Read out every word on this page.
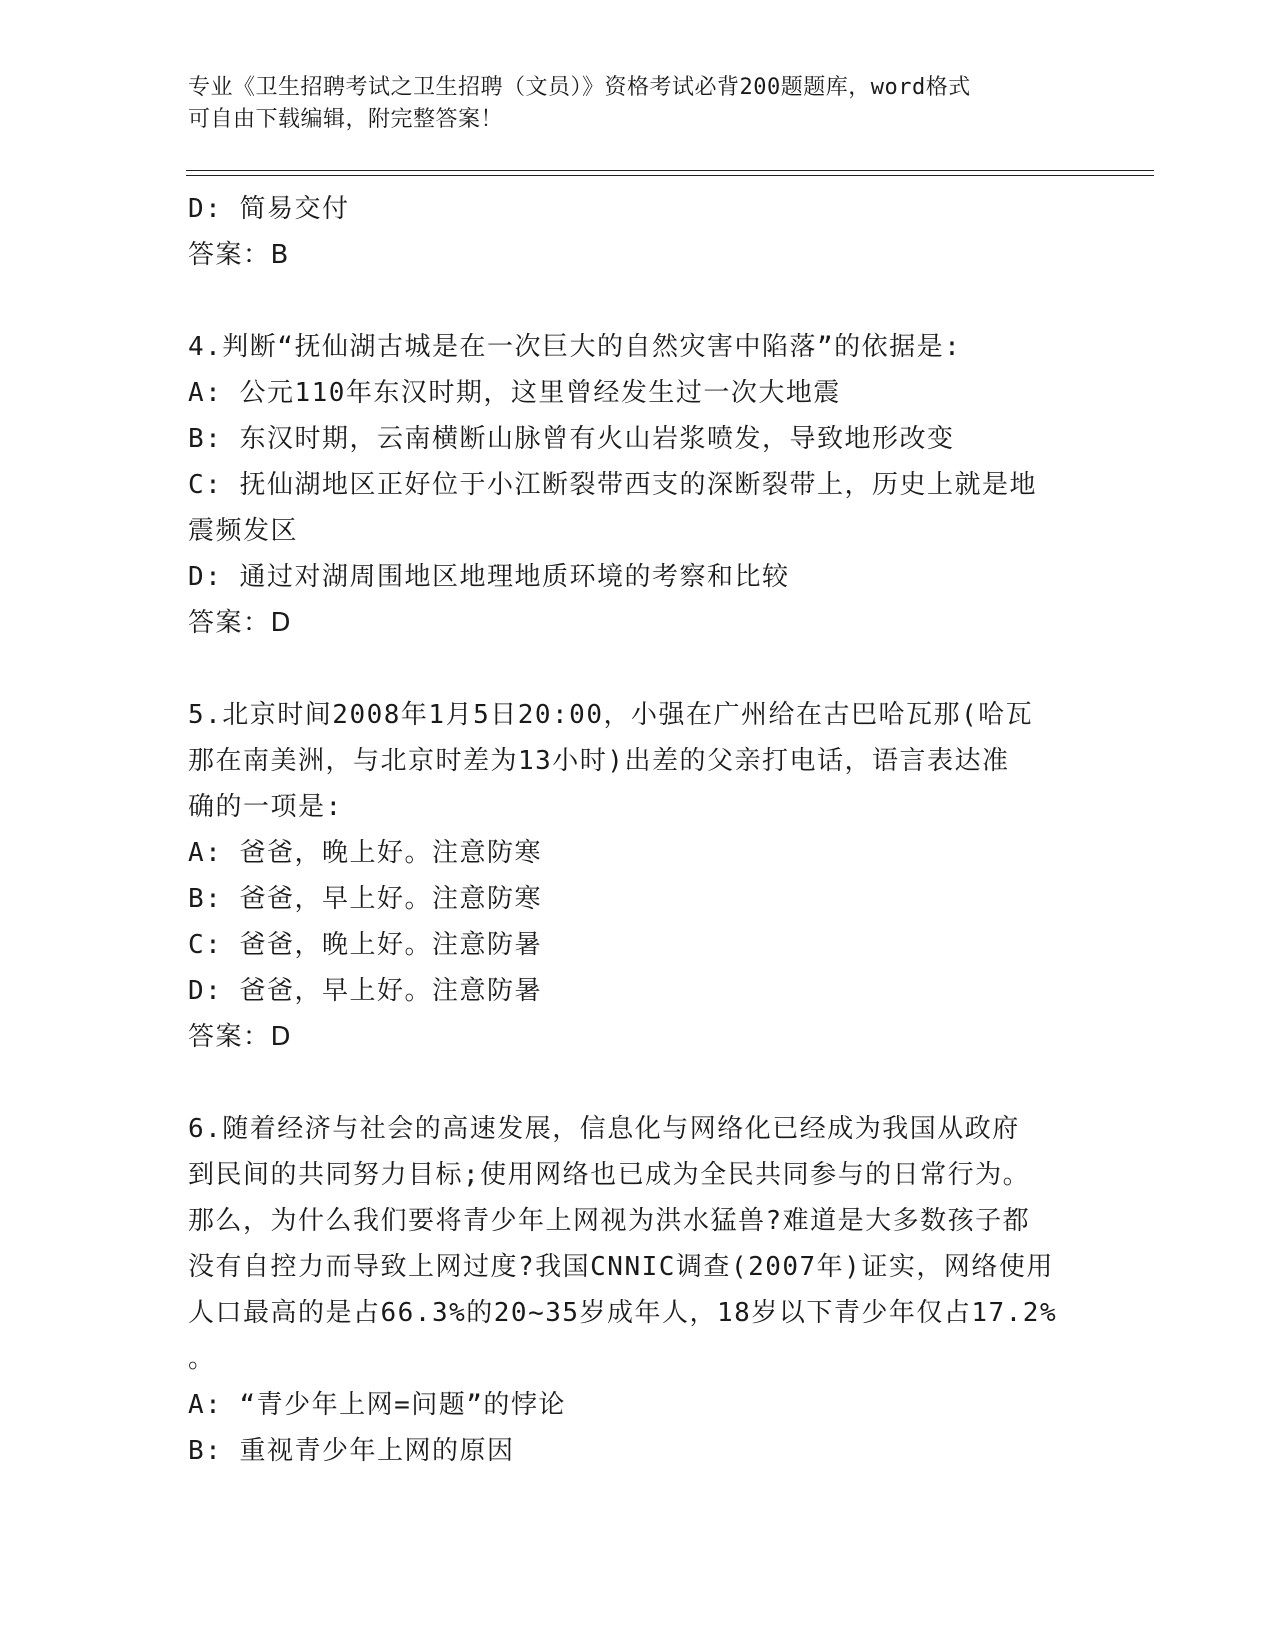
专业《卫生招聘考试之卫生招聘（文员）》资格考试必背200题题库，word格式

可自由下载编辑，附完整答案！

D: 简易交付

答案：B

4.判断“抚仙湖古城是在一次巨大的自然灾害中陷落”的依据是:

A: 公元110年东汉时期，这里曾经发生过一次大地震

B: 东汉时期，云南横断山脉曾有火山岩浆喷发，导致地形改变

C: 抚仙湖地区正好位于小江断裂带西支的深断裂带上，历史上就是地

震频发区

D: 通过对湖周围地区地理地质环境的考察和比较

答案：D

5.北京时间2008年1月5日20:00，小强在广州给在古巴哈瓦那(哈瓦

那在南美洲，与北京时差为13小时)出差的父亲打电话，语言表达准

确的一项是:

A: 爸爸，晚上好。注意防寒

B: 爸爸，早上好。注意防寒

C: 爸爸，晚上好。注意防暑

D: 爸爸，早上好。注意防暑

答案：D

6.随着经济与社会的高速发展，信息化与网络化已经成为我国从政府

到民间的共同努力目标;使用网络也已成为全民共同参与的日常行为。

那么，为什么我们要将青少年上网视为洪水猛兽?难道是大多数孩子都

没有自控力而导致上网过度?我国CNNIC调查(2007年)证实，网络使用

人口最高的是占66.3%的20~35岁成年人，18岁以下青少年仅占17.2%

。

A: “青少年上网=问题”的悖论

B: 重视青少年上网的原因
